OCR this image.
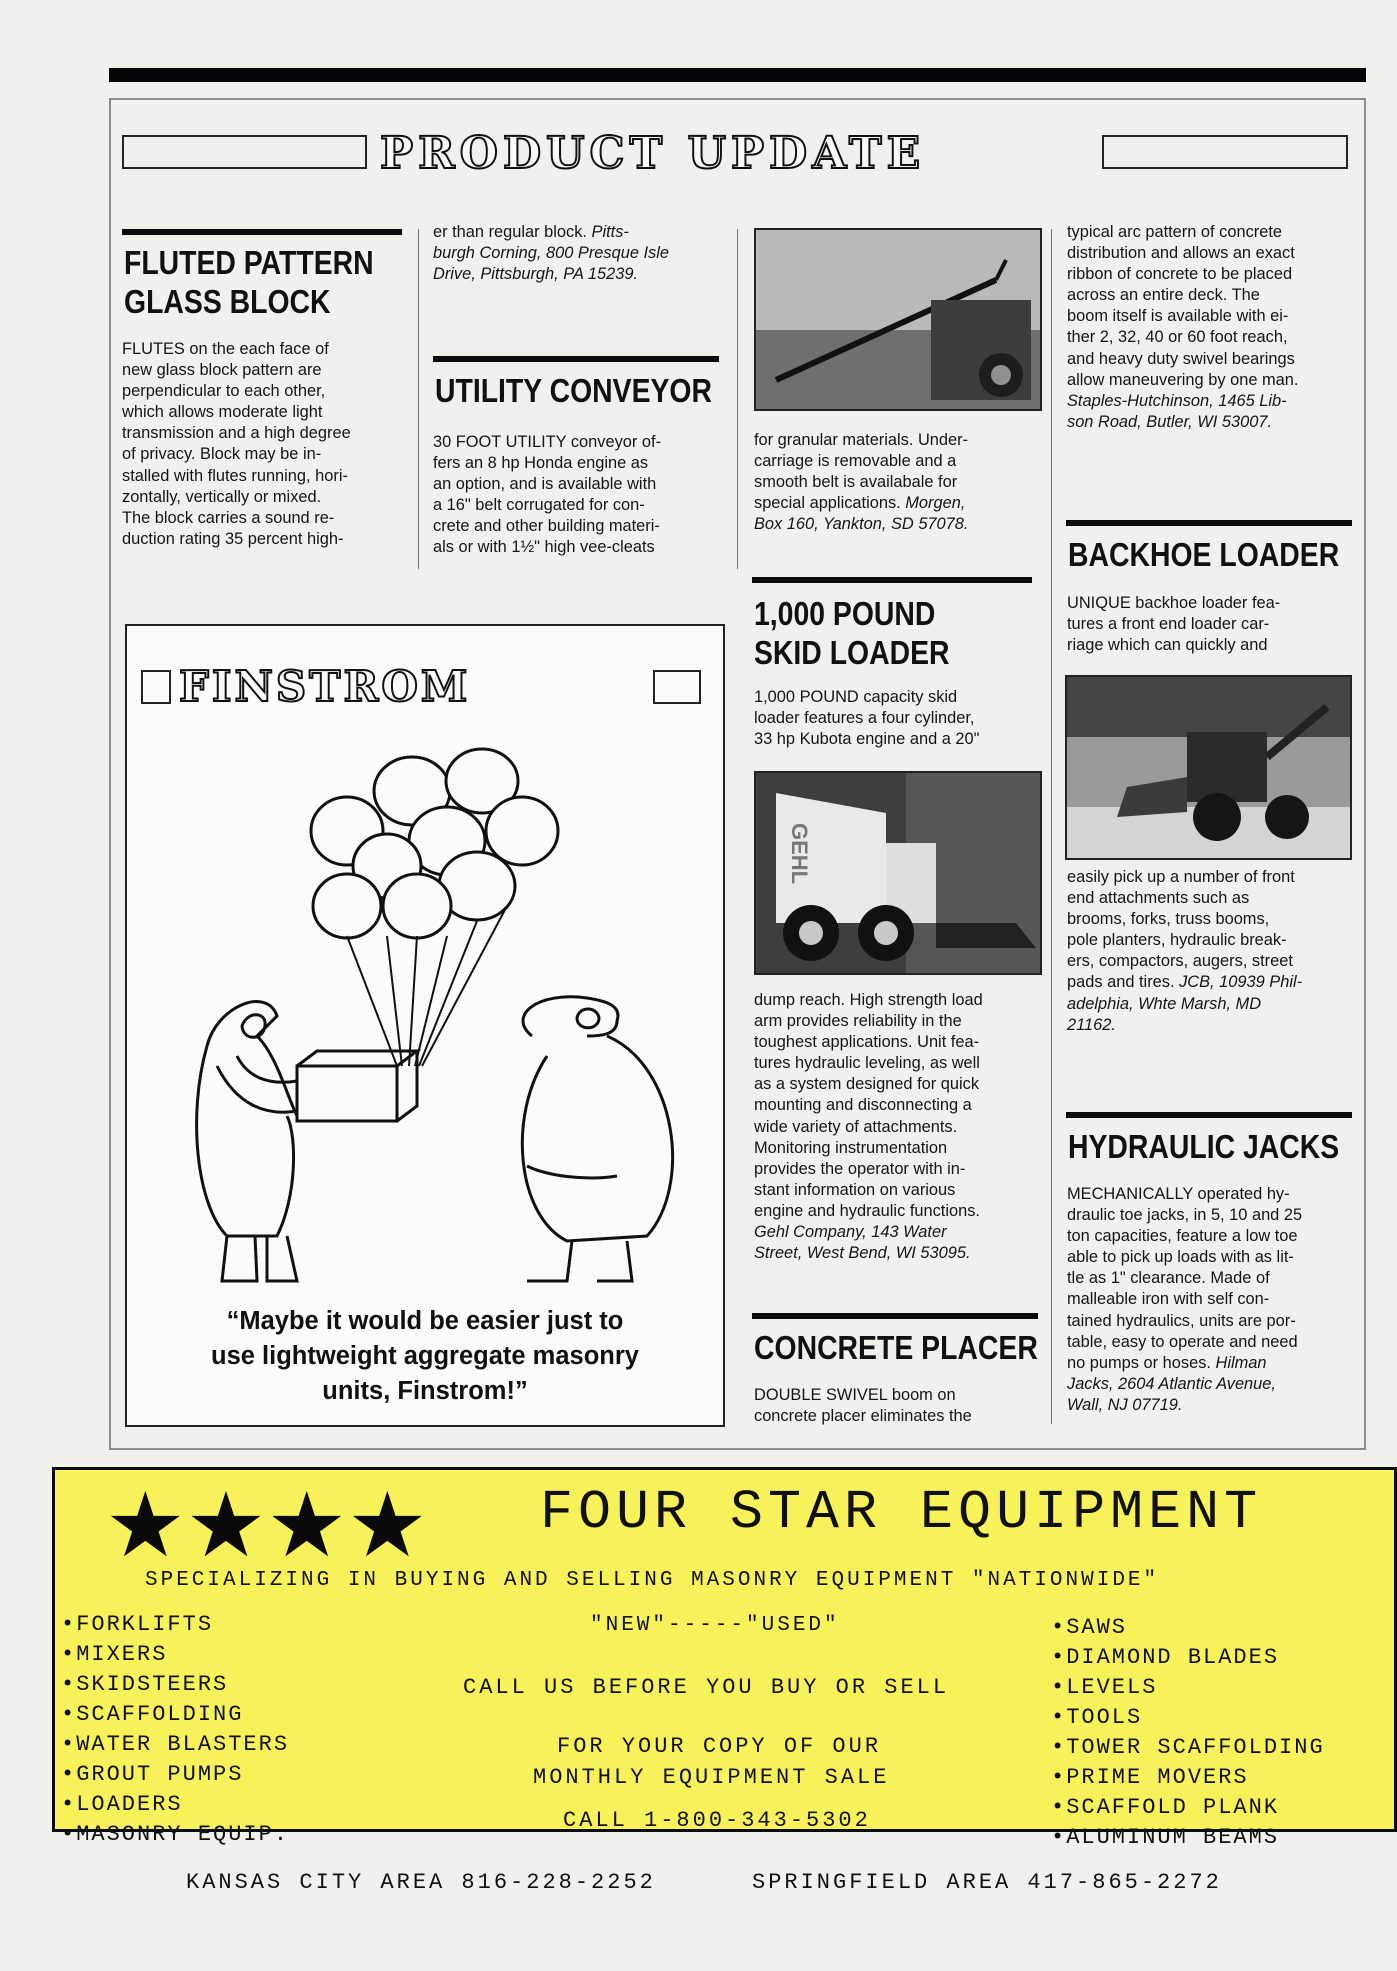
PRODUCT UPDATE
FLUTED PATTERN
GLASS BLOCK
FLUTES on the each face of
new glass block pattern are
perpendicular to each other,
which allows moderate light
transmission and a high degree
of privacy. Block may be in-
stalled with flutes running, hori-
zontally, vertically or mixed.
The block carries a sound re-
duction rating 35 percent high-
er than regular block. Pitts-
burgh Corning, 800 Presque Isle
Drive, Pittsburgh, PA 15239.
UTILITY CONVEYOR
30 FOOT UTILITY conveyor of-
fers an 8 hp Honda engine as
an option, and is available with
a 16" belt corrugated for con-
crete and other building materi-
als or with 1½" high vee-cleats
for granular materials. Under-
carriage is removable and a
smooth belt is availabale for
special applications. Morgen,
Box 160, Yankton, SD 57078.
1,000 POUND
SKID LOADER
1,000 POUND capacity skid
loader features a four cylinder,
33 hp Kubota engine and a 20"
GEHL
dump reach. High strength load
arm provides reliability in the
toughest applications. Unit fea-
tures hydraulic leveling, as well
as a system designed for quick
mounting and disconnecting a
wide variety of attachments.
Monitoring instrumentation
provides the operator with in-
stant information on various
engine and hydraulic functions.
Gehl Company, 143 Water
Street, West Bend, WI 53095.
CONCRETE PLACER
DOUBLE SWIVEL boom on
concrete placer eliminates the
typical arc pattern of concrete
distribution and allows an exact
ribbon of concrete to be placed
across an entire deck. The
boom itself is available with ei-
ther 2, 32, 40 or 60 foot reach,
and heavy duty swivel bearings
allow maneuvering by one man.
Staples-Hutchinson, 1465 Lib-
son Road, Butler, WI 53007.
BACKHOE LOADER
UNIQUE backhoe loader fea-
tures a front end loader car-
riage which can quickly and
easily pick up a number of front
end attachments such as
brooms, forks, truss booms,
pole planters, hydraulic break-
ers, compactors, augers, street
pads and tires. JCB, 10939 Phil-
adelphia, Whte Marsh, MD
21162.
HYDRAULIC JACKS
MECHANICALLY operated hy-
draulic toe jacks, in 5, 10 and 25
ton capacities, feature a low toe
able to pick up loads with as lit-
tle as 1" clearance. Made of
malleable iron with self con-
tained hydraulics, units are por-
table, easy to operate and need
no pumps or hoses. Hilman
Jacks, 2604 Atlantic Avenue,
Wall, NJ 07719.
FINSTROM
“Maybe it would be easier just to
use lightweight aggregate masonry
units, Finstrom!”
★★★★ FOUR STAR EQUIPMENT
SPECIALIZING IN BUYING AND SELLING MASONRY EQUIPMENT "NATIONWIDE"
•FORKLIFTS
•MIXERS
•SKIDSTEERS
•SCAFFOLDING
•WATER BLASTERS
•GROUT PUMPS
•LOADERS
•MASONRY EQUIP.
"NEW"-----"USED"
CALL US BEFORE YOU BUY OR SELL
FOR YOUR COPY OF OUR
MONTHLY EQUIPMENT SALE
CALL 1-800-343-5302
•SAWS
•DIAMOND BLADES
•LEVELS
•TOOLS
•TOWER SCAFFOLDING
•PRIME MOVERS
•SCAFFOLD PLANK
•ALUMINUM BEAMS
KANSAS CITY AREA 816-228-2252	SPRINGFIELD AREA 417-865-2272
